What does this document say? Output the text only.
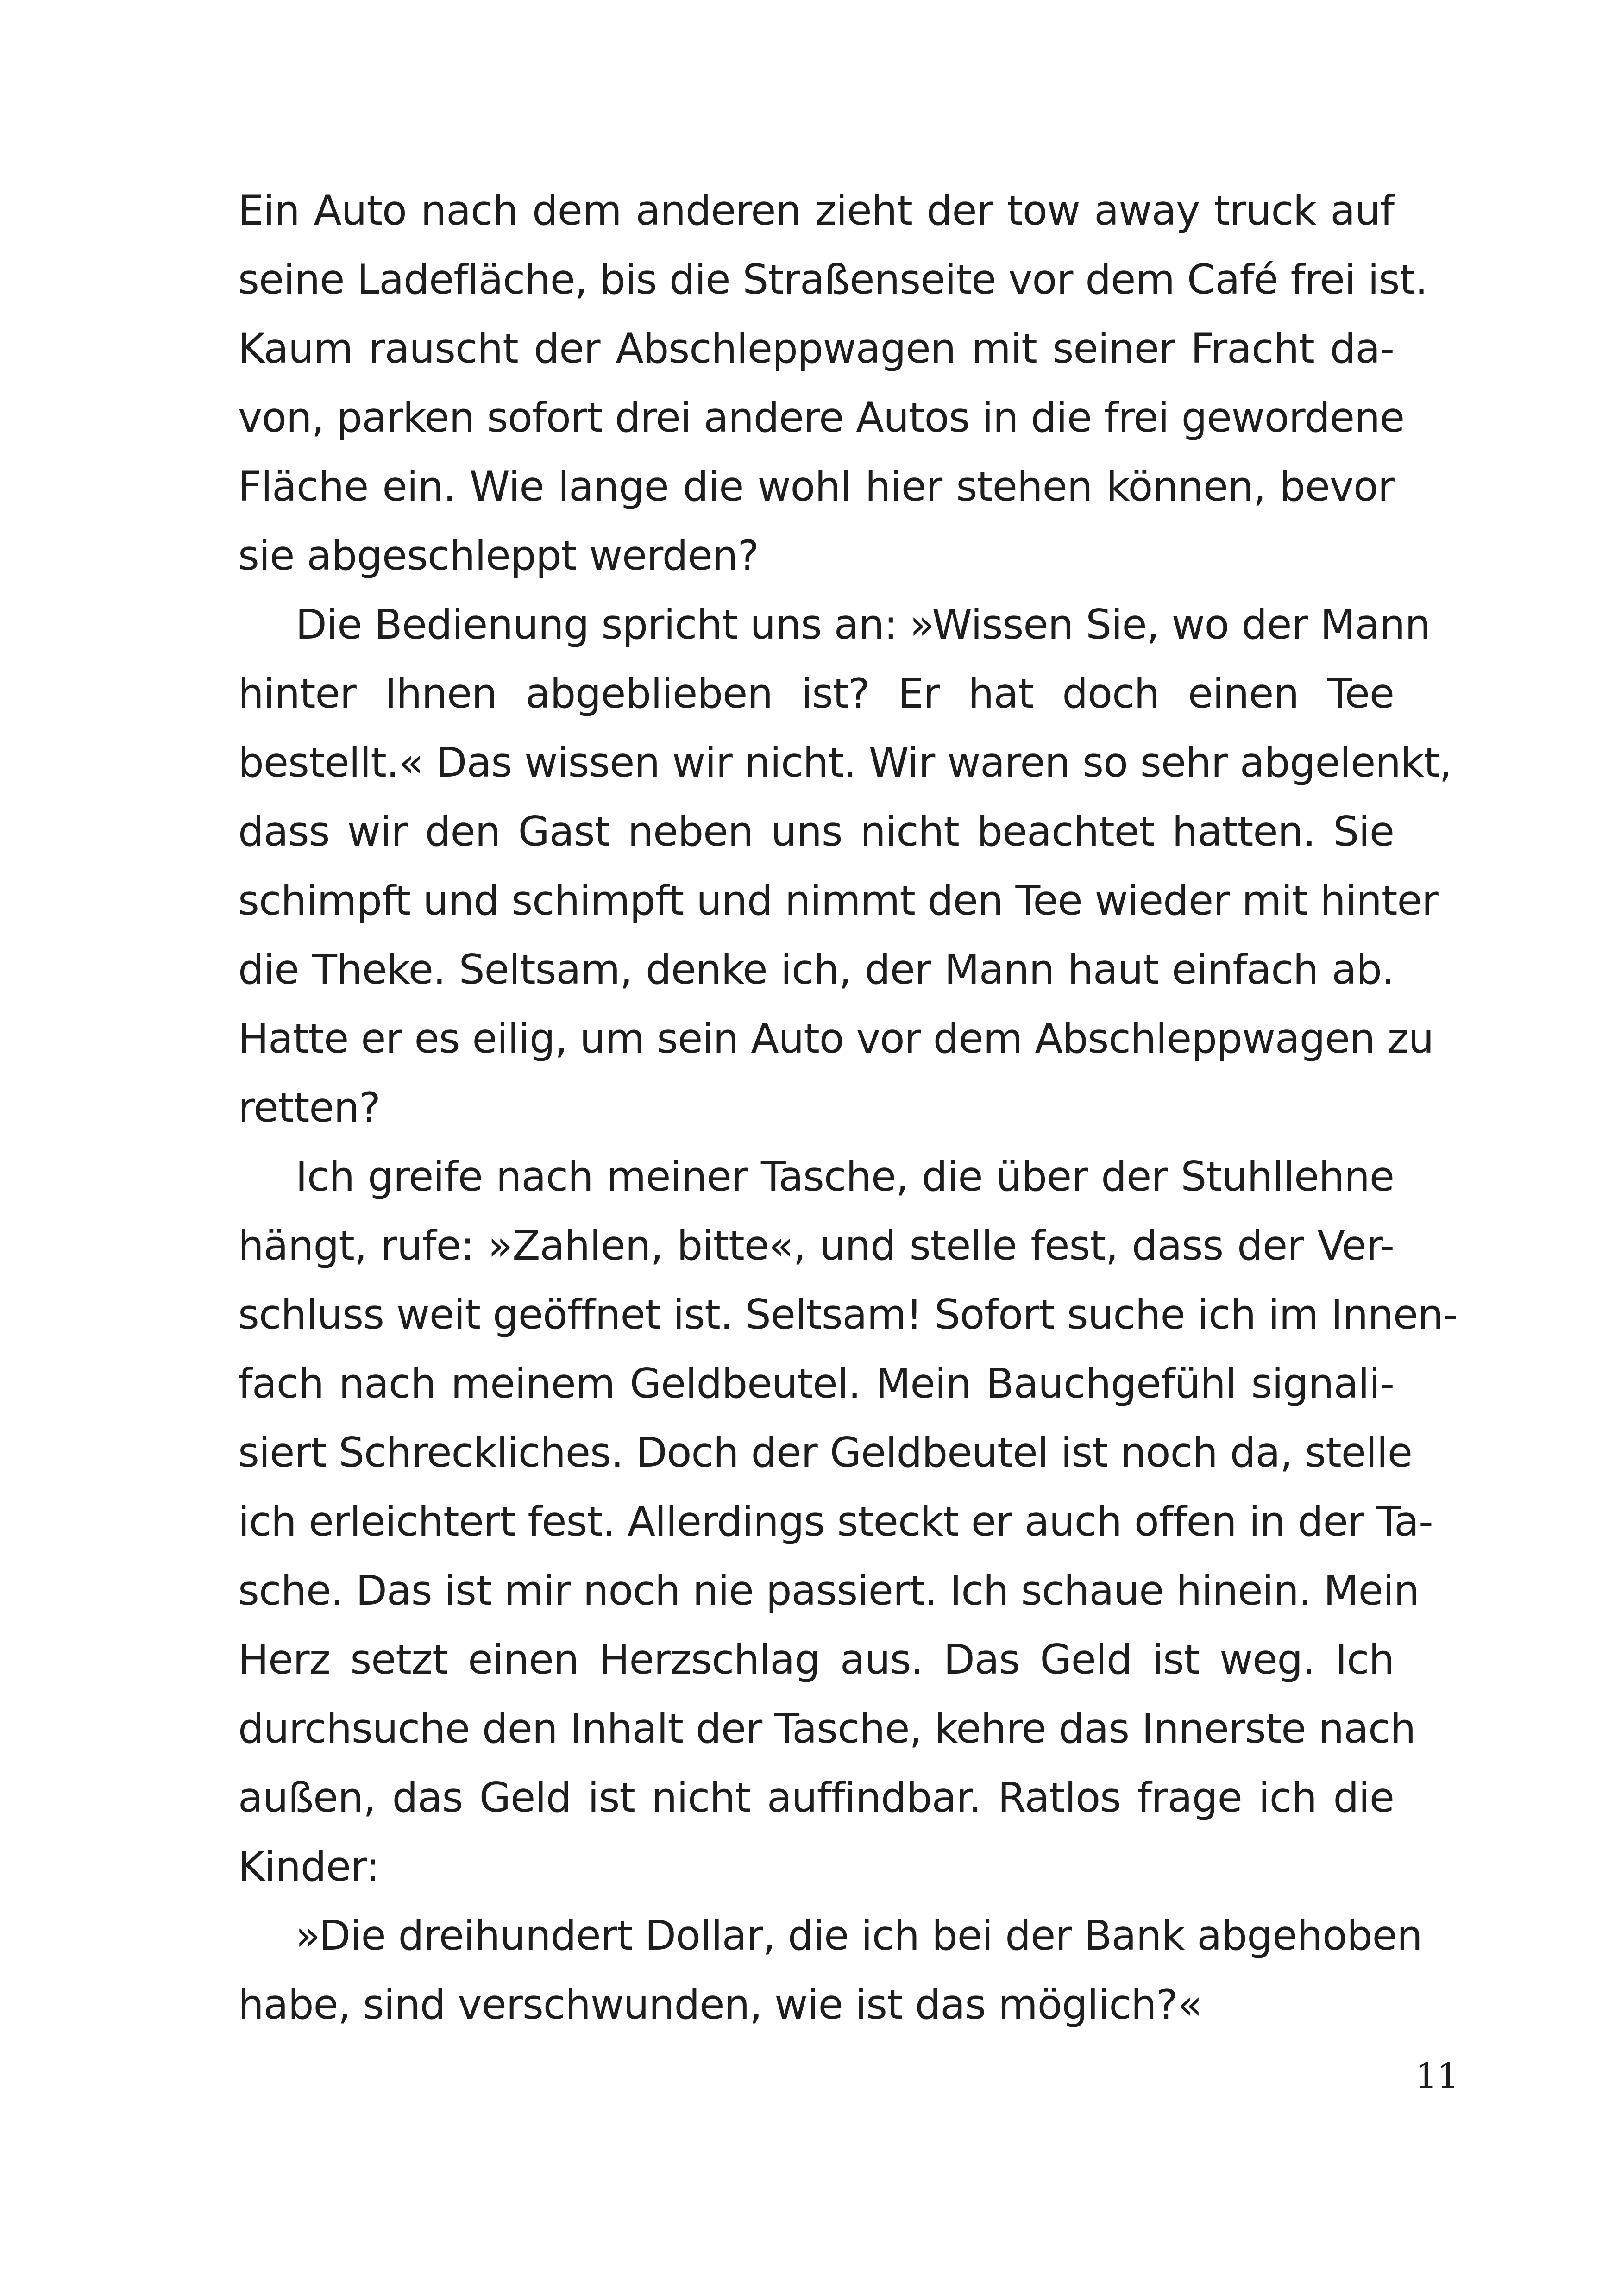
Ein Auto nach dem anderen zieht der tow away truck auf
seine Ladefläche, bis die Straßenseite vor dem Café frei ist.
Kaum rauscht der Abschleppwagen mit seiner Fracht da-
von, parken sofort drei andere Autos in die frei gewordene
Fläche ein. Wie lange die wohl hier stehen können, bevor
sie abgeschleppt werden?
Die Bedienung spricht uns an: »Wissen Sie, wo der Mann
hinter Ihnen abgeblieben ist? Er hat doch einen Tee
bestellt.« Das wissen wir nicht. Wir waren so sehr abgelenkt,
dass wir den Gast neben uns nicht beachtet hatten. Sie
schimpft und schimpft und nimmt den Tee wieder mit hinter
die Theke. Seltsam, denke ich, der Mann haut einfach ab.
Hatte er es eilig, um sein Auto vor dem Abschleppwagen zu
retten?
Ich greife nach meiner Tasche, die über der Stuhllehne
hängt, rufe: »Zahlen, bitte«, und stelle fest, dass der Ver-
schluss weit geöffnet ist. Seltsam! Sofort suche ich im Innen-
fach nach meinem Geldbeutel. Mein Bauchgefühl signali-
siert Schreckliches. Doch der Geldbeutel ist noch da, stelle
ich erleichtert fest. Allerdings steckt er auch offen in der Ta-
sche. Das ist mir noch nie passiert. Ich schaue hinein. Mein
Herz setzt einen Herzschlag aus. Das Geld ist weg. Ich
durchsuche den Inhalt der Tasche, kehre das Innerste nach
außen, das Geld ist nicht auffindbar. Ratlos frage ich die
Kinder:
»Die dreihundert Dollar, die ich bei der Bank abgehoben
habe, sind verschwunden, wie ist das möglich?«
11
